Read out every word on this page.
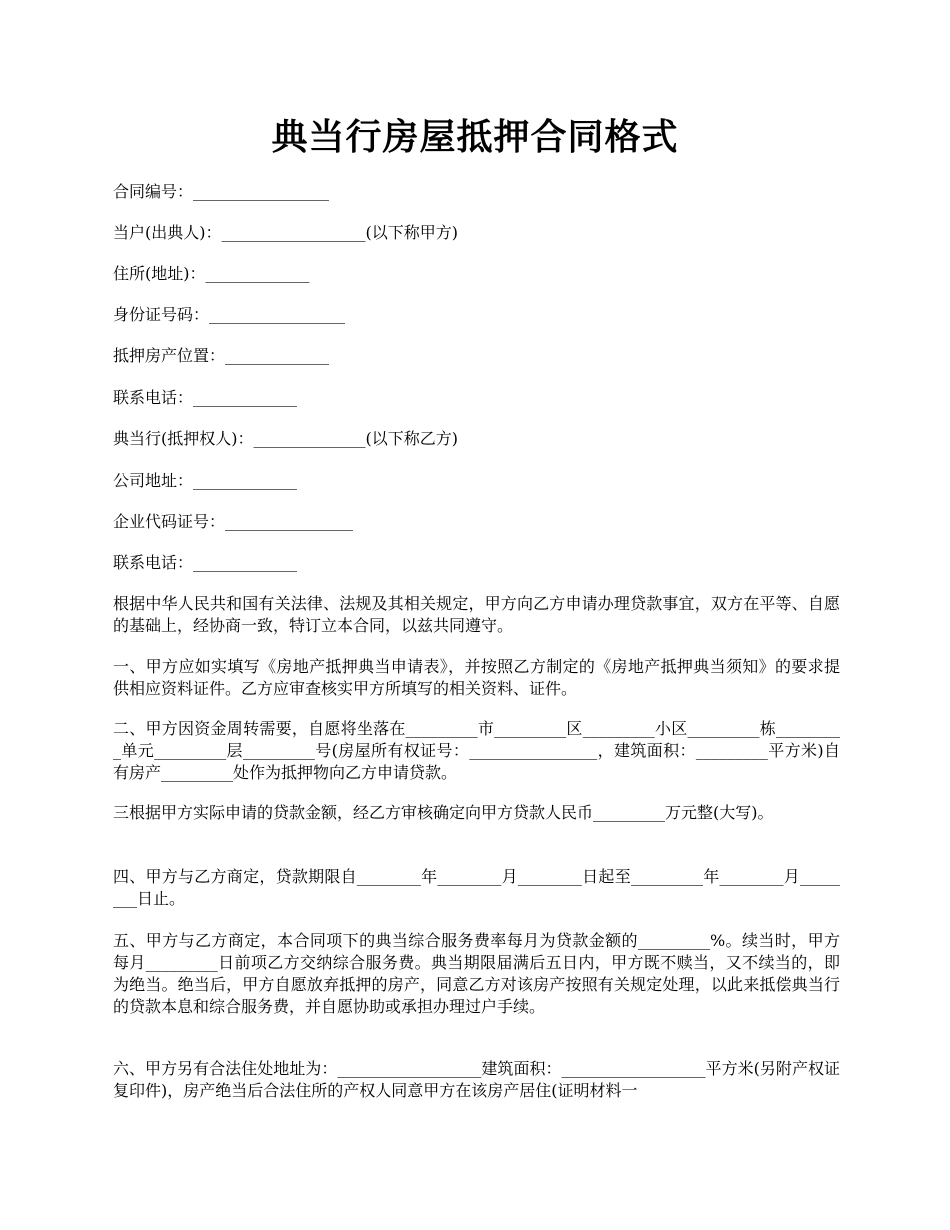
典当行房屋抵押合同格式
合同编号：_________________
当户(出典人)：__________________(以下称甲方)
住所(地址)：_____________
身份证号码：_________________
抵押房产位置：_____________
联系电话：_____________
典当行(抵押权人)：______________(以下称乙方)
公司地址：_____________
企业代码证号：________________
联系电话：_____________
根据中华人民共和国有关法律、法规及其相关规定，甲方向乙方申请办理贷款事宜，双方在平等、自愿的基础上，经协商一致，特订立本合同，以兹共同遵守。
一、甲方应如实填写《房地产抵押典当申请表》，并按照乙方制定的《房地产抵押典当须知》的要求提供相应资料证件。乙方应审查核实甲方所填写的相关资料、证件。
二、甲方因资金周转需要，自愿将坐落在_________市_________区_________小区_________栋_________单元_________层_________号(房屋所有权证号：________________，建筑面积：_________平方米)自有房产_________处作为抵押物向乙方申请贷款。
三根据甲方实际申请的贷款金额，经乙方审核确定向甲方贷款人民币_________万元整(大写)。
四、甲方与乙方商定，贷款期限自________年________月________日起至_________年________月________日止。
五、甲方与乙方商定，本合同项下的典当综合服务费率每月为贷款金额的_________%。续当时，甲方每月_________日前项乙方交纳综合服务费。典当期限届满后五日内，甲方既不赎当，又不续当的，即为绝当。绝当后，甲方自愿放弃抵押的房产，同意乙方对该房产按照有关规定处理，以此来抵偿典当行的贷款本息和综合服务费，并自愿协助或承担办理过户手续。
六、甲方另有合法住处地址为：__________________建筑面积：__________________平方米(另附产权证复印件)，房产绝当后合法住所的产权人同意甲方在该房产居住(证明材料一
